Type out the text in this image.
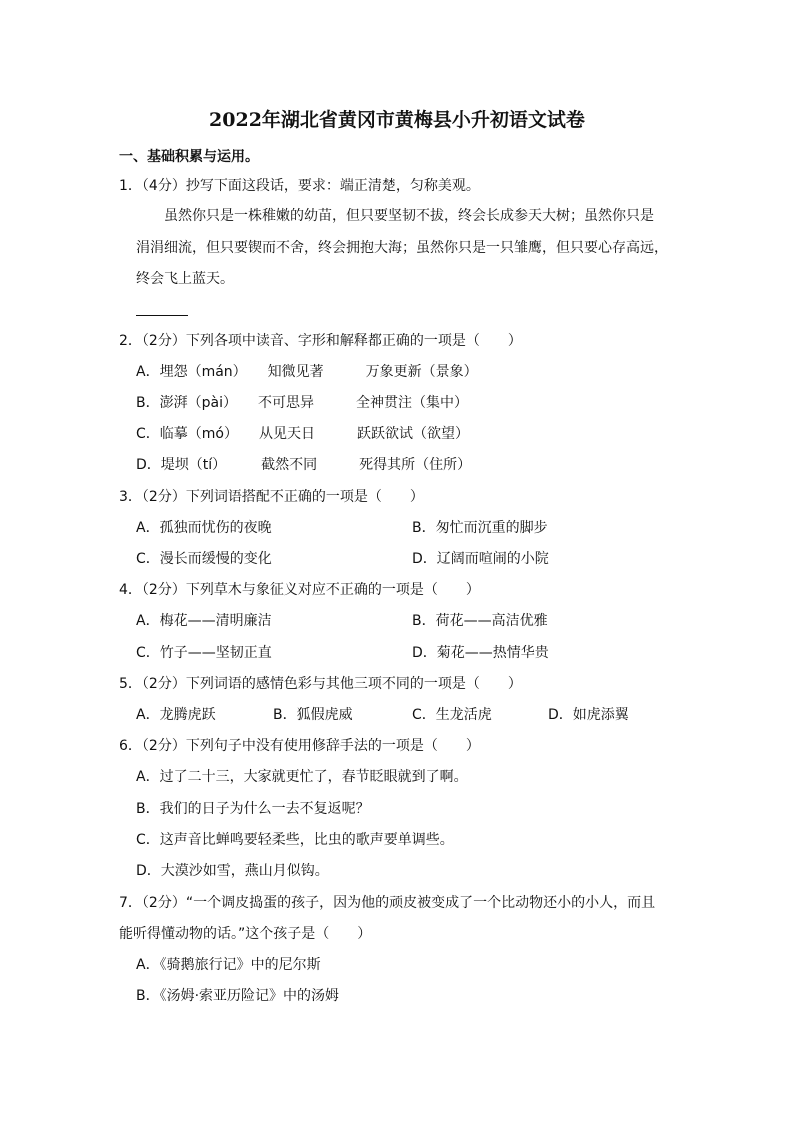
2022年湖北省黄冈市黄梅县小升初语文试卷
一、基础积累与运用。
1．（4分）抄写下面这段话，要求：端正清楚，匀称美观。
　　虽然你只是一株稚嫩的幼苗，但只要坚韧不拔，终会长成参天大树；虽然你只是
涓涓细流，但只要锲而不舍，终会拥抱大海；虽然你只是一只雏鹰，但只要心存高远，
终会飞上蓝天。
2．（2分）下列各项中读音、字形和解释都正确的一项是（　　）
A．埋怨（mán）　　知微见著　　　万象更新（景象）
B．澎湃（pài）　　不可思异　　　全神贯注（集中）
C．临摹（mó）　　从见天日　　　跃跃欲试（欲望）
D．堤坝（tí）　　　截然不同　　　死得其所（住所）
3．（2分）下列词语搭配不正确的一项是（　　）
A．孤独而忧伤的夜晚	B．匆忙而沉重的脚步
C．漫长而缓慢的变化	D．辽阔而喧闹的小院
4．（2分）下列草木与象征义对应不正确的一项是（　　）
A．梅花——清明廉洁	B．荷花——高洁优雅
C．竹子——坚韧正直	D．菊花——热情华贵
5．（2分）下列词语的感情色彩与其他三项不同的一项是（　　）
A．龙腾虎跃	B．狐假虎威	C．生龙活虎	D．如虎添翼
6．（2分）下列句子中没有使用修辞手法的一项是（　　）
A．过了二十三，大家就更忙了，春节眨眼就到了啊。
B．我们的日子为什么一去不复返呢？
C．这声音比蝉鸣要轻柔些，比虫的歌声要单调些。
D．大漠沙如雪，燕山月似钩。
7．（2分）“一个调皮捣蛋的孩子，因为他的顽皮被变成了一个比动物还小的小人，而且
能听得懂动物的话。”这个孩子是（　　）
A．《骑鹅旅行记》中的尼尔斯
B．《汤姆·索亚历险记》中的汤姆
